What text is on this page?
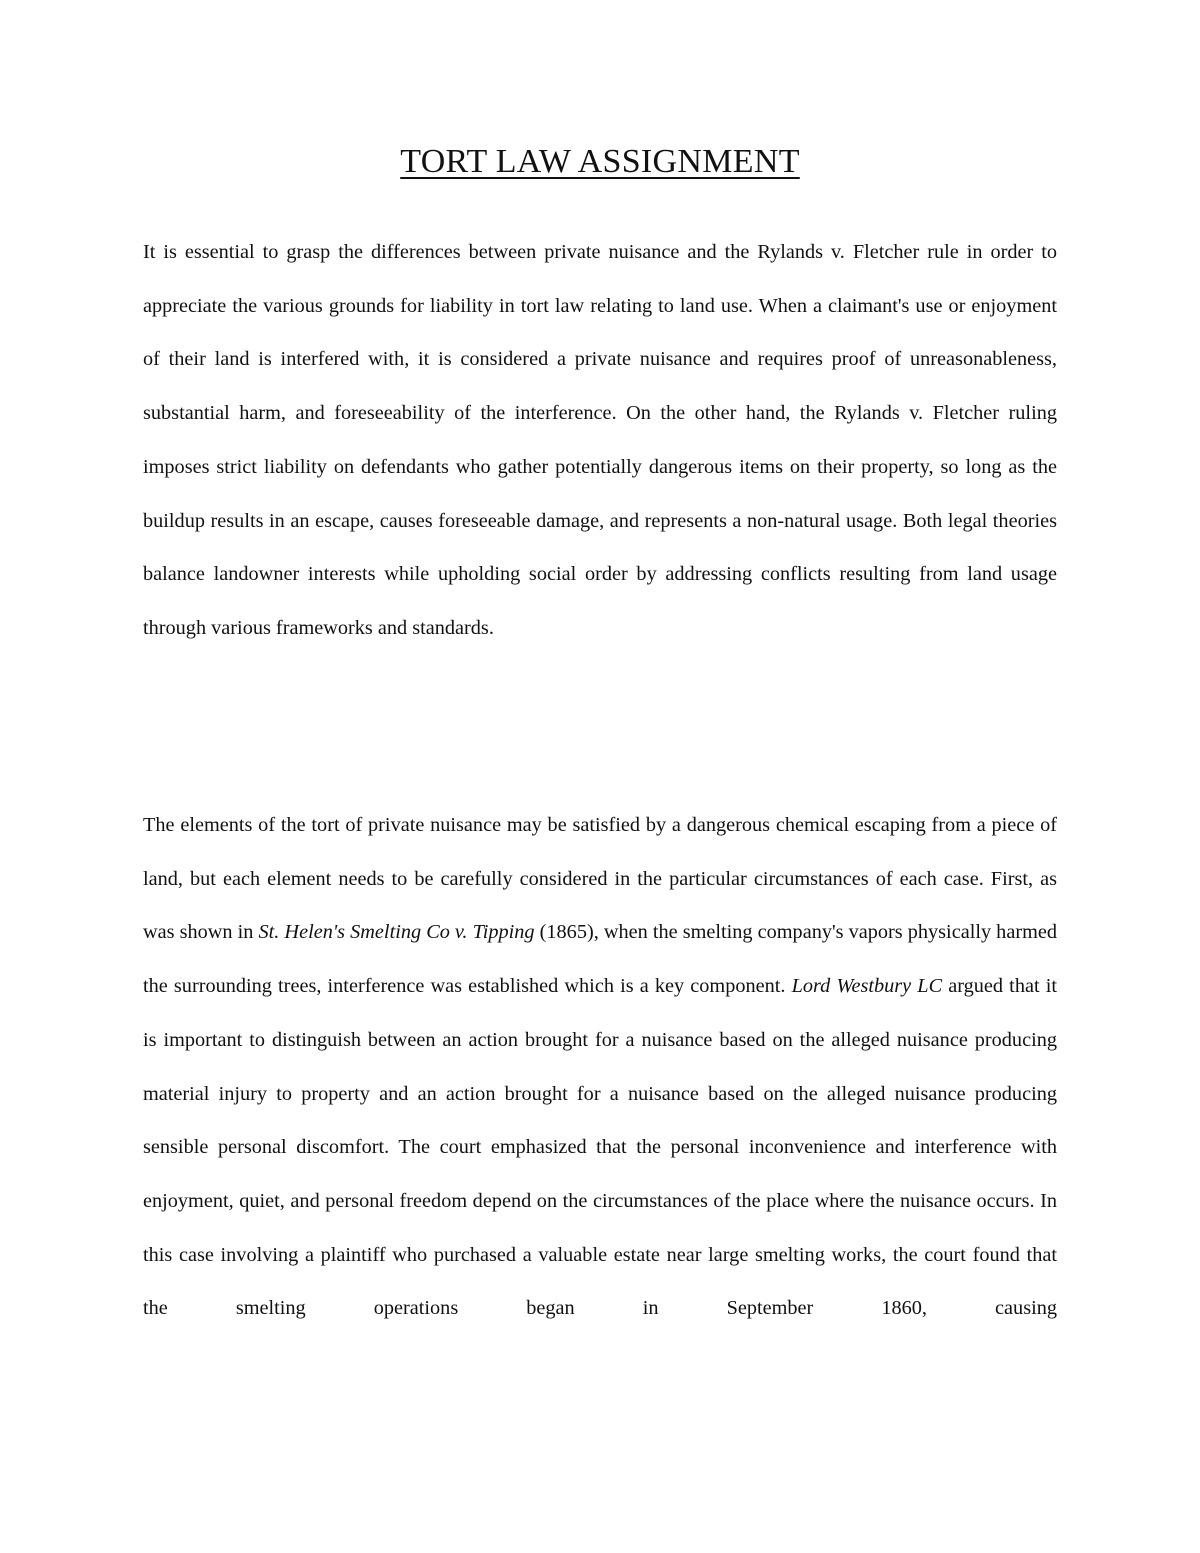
TORT LAW ASSIGNMENT

It is essential to grasp the differences between private nuisance and the Rylands v. Fletcher rule in order to appreciate the various grounds for liability in tort law relating to land use. When a claimant's use or enjoyment of their land is interfered with, it is considered a private nuisance and requires proof of unreasonableness, substantial harm, and foreseeability of the interference. On the other hand, the Rylands v. Fletcher ruling imposes strict liability on defendants who gather potentially dangerous items on their property, so long as the buildup results in an escape, causes foreseeable damage, and represents a non-natural usage. Both legal theories balance landowner interests while upholding social order by addressing conflicts resulting from land usage through various frameworks and standards.

The elements of the tort of private nuisance may be satisfied by a dangerous chemical escaping from a piece of land, but each element needs to be carefully considered in the particular circumstances of each case. First, as was shown in St. Helen's Smelting Co v. Tipping (1865), when the smelting company's vapors physically harmed the surrounding trees, interference was established which is a key component. Lord Westbury LC argued that it is important to distinguish between an action brought for a nuisance based on the alleged nuisance producing material injury to property and an action brought for a nuisance based on the alleged nuisance producing sensible personal discomfort. The court emphasized that the personal inconvenience and interference with enjoyment, quiet, and personal freedom depend on the circumstances of the place where the nuisance occurs. In this case involving a plaintiff who purchased a valuable estate near large smelting works, the court found that the smelting operations began in September 1860, causing
